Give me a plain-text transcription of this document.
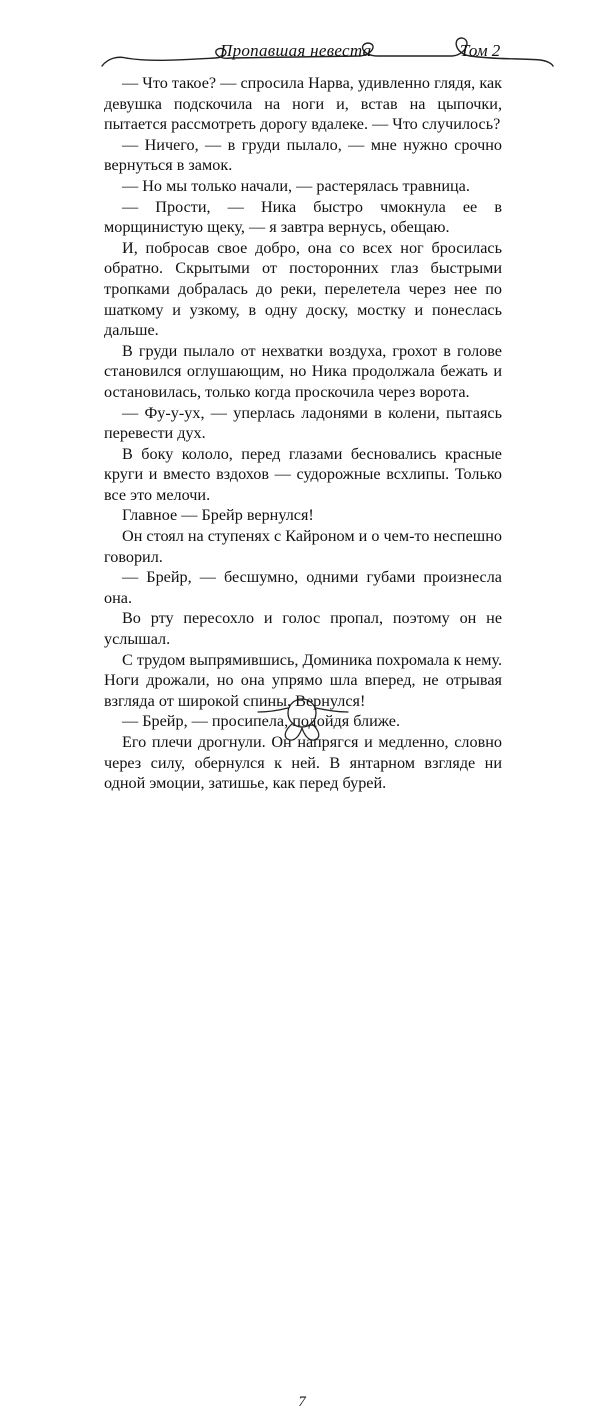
Пропавшая невеста	Том 2

— Что такое? — спросила Нарва, удивленно глядя, как девушка подскочила на ноги и, встав на цыпочки, пытается рассмотреть дорогу вдалеке. — Что случилось?

— Ничего, — в груди пылало, — мне нужно срочно вернуться в замок.

— Но мы только начали, — растерялась травница.

— Прости, — Ника быстро чмокнула ее в морщинистую щеку, — я завтра вернусь, обещаю.

И, побросав свое добро, она со всех ног бросилась обратно. Скрытыми от посторонних глаз быстрыми тропками добралась до реки, перелетела через нее по шаткому и узкому, в одну доску, мостку и понеслась дальше.

В груди пылало от нехватки воздуха, грохот в голове становился оглушающим, но Ника продолжала бежать и остановилась, только когда проскочила через ворота.

— Фу-у-ух, — уперлась ладонями в колени, пытаясь перевести дух.

В боку кололо, перед глазами бесновались красные круги и вместо вздохов — судорожные всхлипы. Только все это мелочи.

Главное — Брейр вернулся!

Он стоял на ступенях с Кайроном и о чем-то неспешно говорил.

— Брейр, — бесшумно, одними губами произнесла она.

Во рту пересохло и голос пропал, поэтому он не услышал.

С трудом выпрямившись, Доминика похромала к нему. Ноги дрожали, но она упрямо шла вперед, не отрывая взгляда от широкой спины. Вернулся!

— Брейр, — просипела, подойдя ближе.

Его плечи дрогнули. Он напрягся и медленно, словно через силу, обернулся к ней. В янтарном взгляде ни одной эмоции, затишье, как перед бурей.

7
